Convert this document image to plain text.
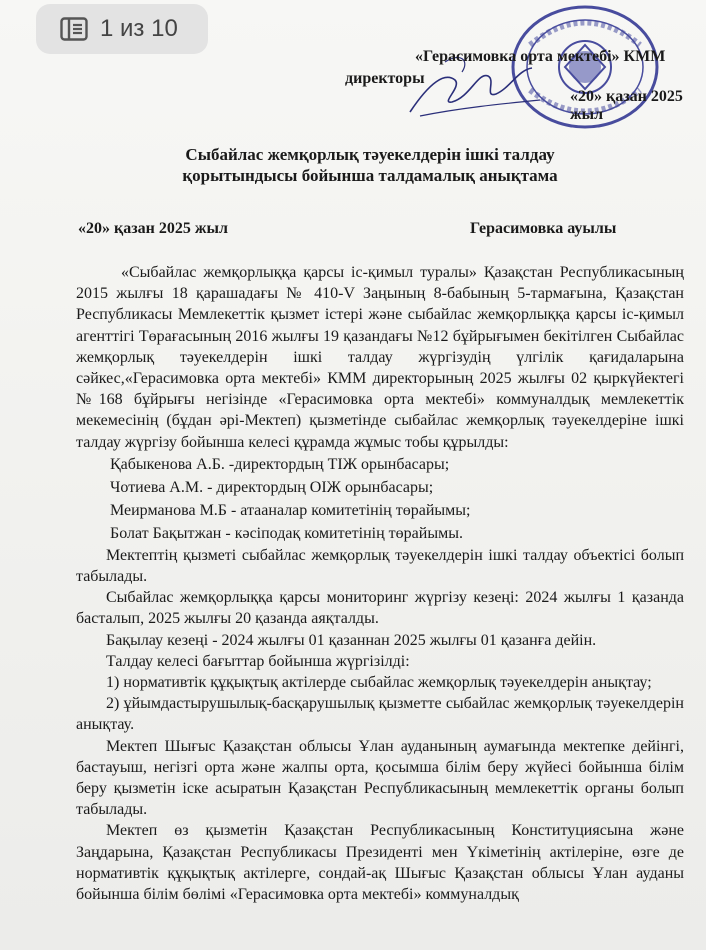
1 из 10
«Герасимовка орта мектебі» КММ
директоры
«20» қазан 2025 жыл
Сыбайлас жемқорлық тәуекелдерін ішкі талдау
қорытындысы бойынша талдамалық анықтама
«20» қазан 2025 жыл	Герасимовка ауылы

«Сыбайлас жемқорлыққа қарсы іс-қимыл туралы» Қазақстан Республикасының 2015 жылғы 18 қарашадағы № 410-V Заңының 8-бабының 5-тармағына, Қазақстан Республикасы Мемлекеттік қызмет істері және сыбайлас жемқорлыққа қарсы іс-қимыл агенттігі Төрағасының 2016 жылғы 19 қазандағы №12 бұйрығымен бекітілген Сыбайлас жемқорлық тәуекелдерін ішкі талдау жүргізудің үлгілік қағидаларына сәйкес,«Герасимовка орта мектебі» КММ директорының 2025 жылғы 02 қыркүйектегі №168 бұйрығы негізінде «Герасимовка орта мектебі» коммуналдық мемлекеттік мекемесінің (бұдан әрі-Мектеп) қызметінде сыбайлас жемқорлық тәуекелдеріне ішкі талдау жүргізу бойынша келесі құрамда жұмыс тобы құрылды:

Қабыкенова А.Б. -директордың ТІЖ орынбасары;

Чотиева А.М. - директордың ОІЖ орынбасары;

Меирманова М.Б - атааналар комитетінің төрайымы;

Болат Бақытжан - кәсіподақ комитетінің төрайымы.

Мектептің қызметі сыбайлас жемқорлық тәуекелдерін ішкі талдау объектісі болып табылады.

Сыбайлас жемқорлыққа қарсы мониторинг жүргізу кезеңі: 2024 жылғы 1 қазанда басталып, 2025 жылғы 20 қазанда аяқталды.

Бақылау кезеңі - 2024 жылғы 01 қазаннан 2025 жылғы 01 қазанға дейін.

Талдау келесі бағыттар бойынша жүргізілді:

1) нормативтік құқықтық актілерде сыбайлас жемқорлық тәуекелдерін анықтау;

2) ұйымдастырушылық-басқарушылық қызметте сыбайлас жемқорлық тәуекелдерін анықтау.

Мектеп Шығыс Қазақстан облысы Ұлан ауданының аумағында мектепке дейінгі, бастауыш, негізгі орта және жалпы орта, қосымша білім беру жүйесі бойынша білім беру қызметін іске асыратын Қазақстан Республикасының мемлекеттік органы болып табылады.

Мектеп өз қызметін Қазақстан Республикасының Конституциясына және Заңдарына, Қазақстан Республикасы Президенті мен Үкіметінің актілеріне, өзге де нормативтік құқықтық актілерге, сондай-ақ Шығыс Қазақстан облысы Ұлан ауданы бойынша білім бөлімі «Герасимовка орта мектебі» коммуналдық
